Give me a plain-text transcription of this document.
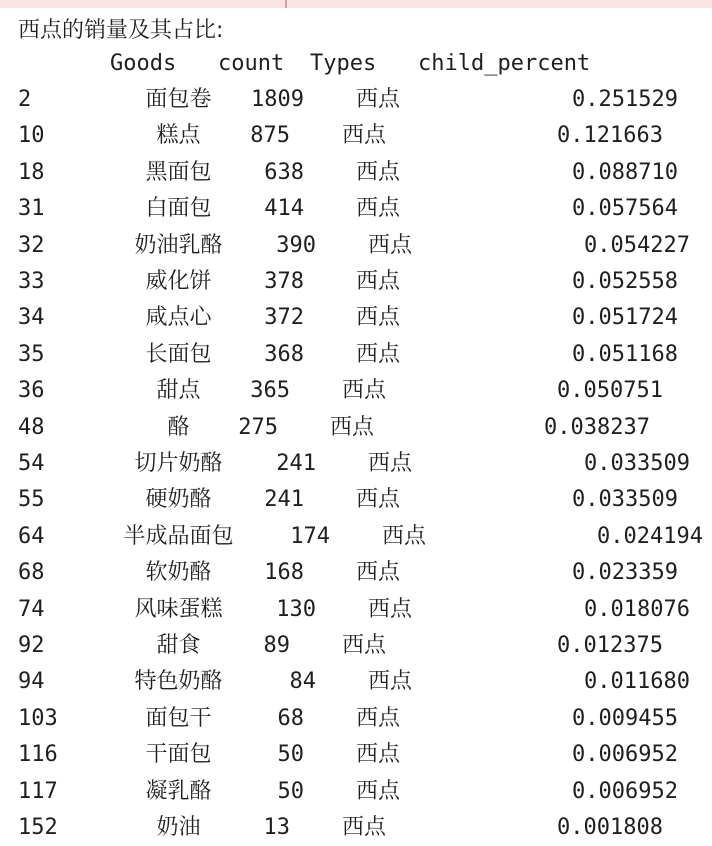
西点的销量及其占比:
Goods count Types child_percent
2	面包卷	1809	西点	0.251529
10	糕点	875	西点	0.121663
18	黑面包	638	西点	0.088710
31	白面包	414	西点	0.057564
32	奶油乳酪	390	西点	0.054227
33	威化饼	378	西点	0.052558
34	咸点心	372	西点	0.051724
35	长面包	368	西点	0.051168
36	甜点	365	西点	0.050751
48	酪	275	西点	0.038237
54	切片奶酪	241	西点	0.033509
55	硬奶酪	241	西点	0.033509
64	半成品面包	174	西点	0.024194
68	软奶酪	168	西点	0.023359
74	风味蛋糕	130	西点	0.018076
92	甜食	89	西点	0.012375
94	特色奶酪	84	西点	0.011680
103	面包干	68	西点	0.009455
116	干面包	50	西点	0.006952
117	凝乳酪	50	西点	0.006952
152	奶油	13	西点	0.001808
